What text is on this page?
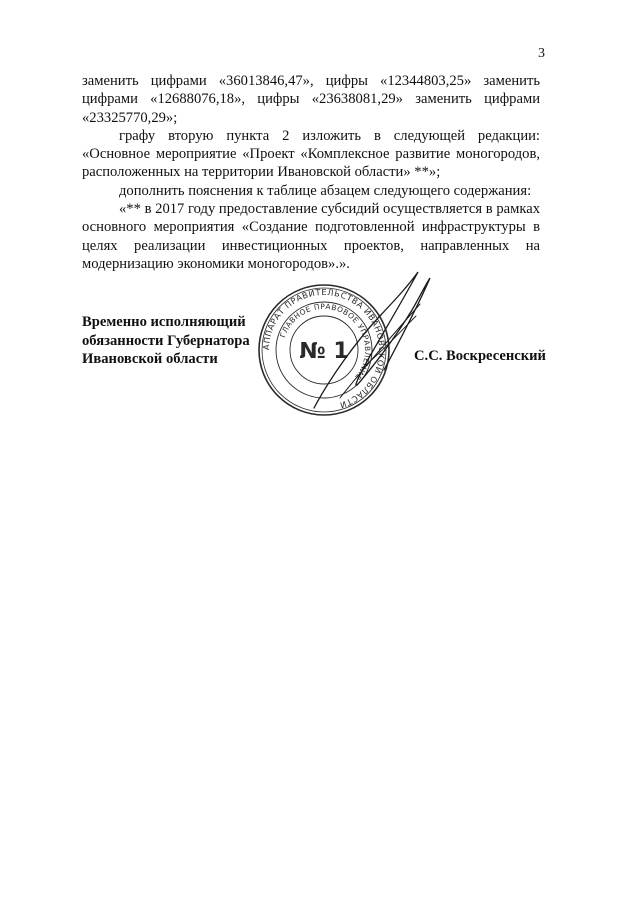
3

заменить цифрами «36013846,47», цифры «12344803,25» заменить цифрами «12688076,18», цифры «23638081,29» заменить цифрами «23325770,29»;

графу вторую пункта 2 изложить в следующей редакции: «Основное мероприятие «Проект «Комплексное развитие моногородов, расположенных на территории Ивановской области» **»;

дополнить пояснения к таблице абзацем следующего содержания:

«** в 2017 году предоставление субсидий осуществляется в рамках основного мероприятия «Создание подготовленной инфраструктуры в целях реализации инвестиционных проектов, направленных на модернизацию экономики моногородов».».

Временно исполняющий
обязанности Губернатора
Ивановской области
АППАРАТ ПРАВИТЕЛЬСТВА ИВАНОВСКОЙ ОБЛАСТИ
ГЛАВНОЕ ПРАВОВОЕ УПРАВЛЕНИЕ
№ 1	С.С. Воскресенский
